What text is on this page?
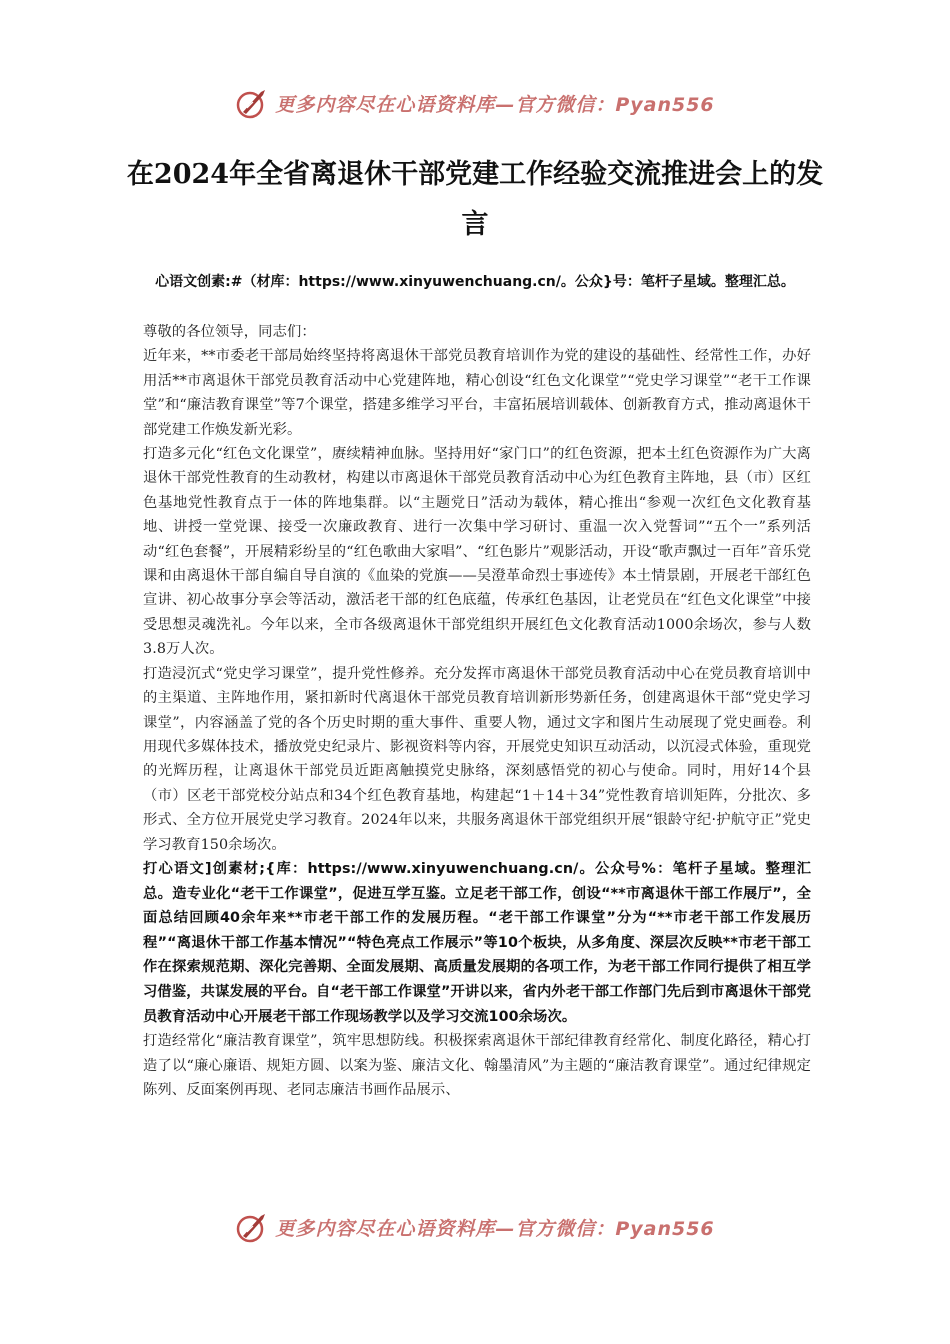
更多内容尽在心语资料库—官方微信：Pyan556
在2024年全省离退休干部党建工作经验交流推进会上的发言

心语文创素:#（材库：https://www.xinyuwenchuang.cn/。公众}号：笔杆子星域。整理汇总。

尊敬的各位领导，同志们：

近年来，**市委老干部局始终坚持将离退休干部党员教育培训作为党的建设的基础性、经常性工作，办好用活**市离退休干部党员教育活动中心党建阵地，精心创设“红色文化课堂”“党史学习课堂”“老干工作课堂”和“廉洁教育课堂”等7个课堂，搭建多维学习平台，丰富拓展培训载体、创新教育方式，推动离退休干部党建工作焕发新光彩。

打造多元化“红色文化课堂”，赓续精神血脉。坚持用好“家门口”的红色资源，把本土红色资源作为广大离退休干部党性教育的生动教材，构建以市离退休干部党员教育活动中心为红色教育主阵地，县（市）区红色基地党性教育点于一体的阵地集群。以“主题党日”活动为载体，精心推出“参观一次红色文化教育基地、讲授一堂党课、接受一次廉政教育、进行一次集中学习研讨、重温一次入党誓词”“五个一”系列活动“红色套餐”，开展精彩纷呈的“红色歌曲大家唱”、“红色影片”观影活动，开设“歌声飘过一百年”音乐党课和由离退休干部自编自导自演的《血染的党旗——吴澄革命烈士事迹传》本土情景剧，开展老干部红色宣讲、初心故事分享会等活动，激活老干部的红色底蕴，传承红色基因，让老党员在“红色文化课堂”中接受思想灵魂洗礼。今年以来，全市各级离退休干部党组织开展红色文化教育活动1000余场次，参与人数3.8万人次。

打造浸沉式“党史学习课堂”，提升党性修养。充分发挥市离退休干部党员教育活动中心在党员教育培训中的主渠道、主阵地作用，紧扣新时代离退休干部党员教育培训新形势新任务，创建离退休干部“党史学习课堂”，内容涵盖了党的各个历史时期的重大事件、重要人物，通过文字和图片生动展现了党史画卷。利用现代多媒体技术，播放党史纪录片、影视资料等内容，开展党史知识互动活动，以沉浸式体验，重现党的光辉历程，让离退休干部党员近距离触摸党史脉络，深刻感悟党的初心与使命。同时，用好14个县（市）区老干部党校分站点和34个红色教育基地，构建起“1＋14＋34”党性教育培训矩阵，分批次、多形式、全方位开展党史学习教育。2024年以来，共服务离退休干部党组织开展“银龄守纪·护航守正”党史学习教育150余场次。

打心语文]创素材;{库：https://www.xinyuwenchuang.cn/。公众号%：笔杆子星域。整理汇总。造专业化“老干工作课堂”，促进互学互鉴。立足老干部工作，创设“**市离退休干部工作展厅”，全面总结回顾40余年来**市老干部工作的发展历程。“老干部工作课堂”分为“**市老干部工作发展历程”“离退休干部工作基本情况”“特色亮点工作展示”等10个板块，从多角度、深层次反映**市老干部工作在探索规范期、深化完善期、全面发展期、高质量发展期的各项工作，为老干部工作同行提供了相互学习借鉴，共谋发展的平台。自“老干部工作课堂”开讲以来，省内外老干部工作部门先后到市离退休干部党员教育活动中心开展老干部工作现场教学以及学习交流100余场次。

打造经常化“廉洁教育课堂”，筑牢思想防线。积极探索离退休干部纪律教育经常化、制度化路径，精心打造了以“廉心廉语、规矩方圆、以案为鉴、廉洁文化、翰墨清风”为主题的“廉洁教育课堂”。通过纪律规定陈列、反面案例再现、老同志廉洁书画作品展示、

更多内容尽在心语资料库—官方微信：Pyan556
